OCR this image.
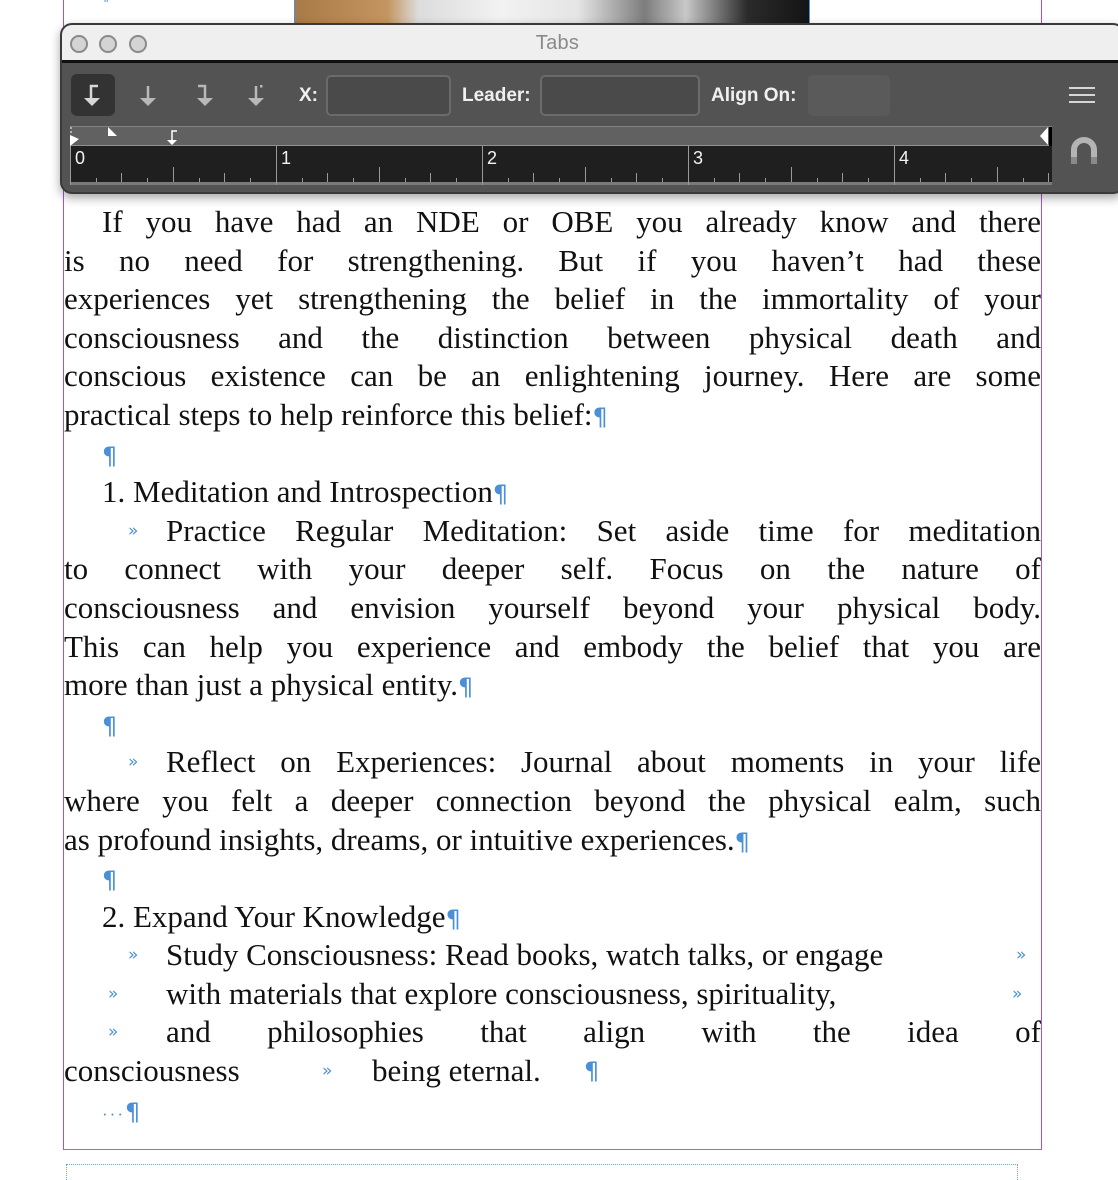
"
If you have had an NDE or OBE you already know and there
is no need for strengthening. But if you haven’t had these
experiences yet strengthening the belief in the immortality of your
consciousness and the distinction between physical death and
conscious existence can be an enlightening journey. Here are some
practical steps to help reinforce this belief:¶
¶
1. Meditation and Introspection¶
» Practice Regular Meditation: Set aside time for meditation
to connect with your deeper self. Focus on the nature of
consciousness and envision yourself beyond your physical body.
This can help you experience and embody the belief that you are
more than just a physical entity.¶
¶
» Reflect on Experiences: Journal about moments in your life
where you felt a deeper connection beyond the physical ealm, such
as profound insights, dreams, or intuitive experiences.¶
¶
2. Expand Your Knowledge¶
» Study Consciousness: Read books, watch talks, or engage	»
» with materials that explore consciousness, spirituality,	»
» and philosophies that align with the idea of
consciousness	» being eternal. ¶
···¶
Tabs
X:	Leader:	Align On:
0	1	2	3	4
